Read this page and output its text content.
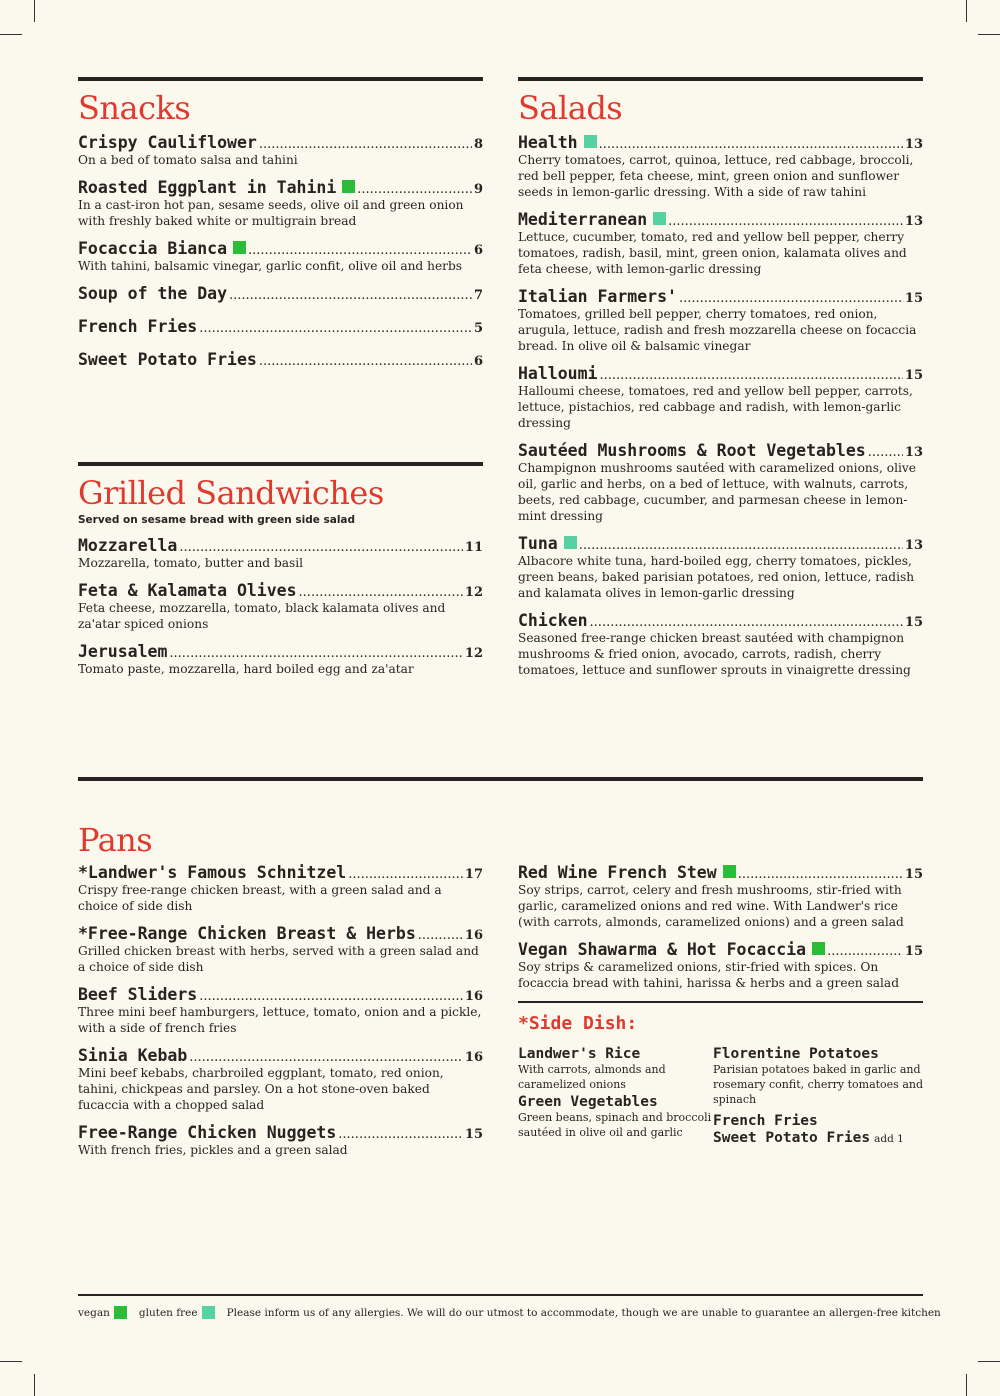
Snacks
Crispy Cauliflower .....	8
On a bed of tomato salsa and tahini
Roasted Eggplant in Tahini .....	9
In a cast-iron hot pan, sesame seeds, olive oil and green onion with freshly baked white or multigrain bread
Focaccia Bianca .....	6
With tahini, balsamic vinegar, garlic confit, olive oil and herbs
Soup of the Day .....	7
French Fries .....	5
Sweet Potato Fries .....	6
Grilled Sandwiches
Served on sesame bread with green side salad
Mozzarella .....	11
Mozzarella, tomato, butter and basil
Feta & Kalamata Olives .....	12
Feta cheese, mozzarella, tomato, black kalamata olives and za'atar spiced onions
Jerusalem .....	12
Tomato paste, mozzarella, hard boiled egg and za'atar
Salads
Health .....	13
Cherry tomatoes, carrot, quinoa, lettuce, red cabbage, broccoli, red bell pepper, feta cheese, mint, green onion and sunflower seeds in lemon-garlic dressing. With a side of raw tahini
Mediterranean .....	13
Lettuce, cucumber, tomato, red and yellow bell pepper, cherry tomatoes, radish, basil, mint, green onion, kalamata olives and feta cheese, with lemon-garlic dressing
Italian Farmers' .....	15
Tomatoes, grilled bell pepper, cherry tomatoes, red onion, arugula, lettuce, radish and fresh mozzarella cheese on focaccia bread. In olive oil & balsamic vinegar
Halloumi .....	15
Halloumi cheese, tomatoes, red and yellow bell pepper, carrots, lettuce, pistachios, red cabbage and radish, with lemon-garlic dressing
Sautéed Mushrooms & Root Vegetables .....	13
Champignon mushrooms sautéed with caramelized onions, olive oil, garlic and herbs, on a bed of lettuce, with walnuts, carrots, beets, red cabbage, cucumber, and parmesan cheese in lemon-mint dressing
Tuna .....	13
Albacore white tuna, hard-boiled egg, cherry tomatoes, pickles, green beans, baked parisian potatoes, red onion, lettuce, radish and kalamata olives in lemon-garlic dressing
Chicken .....	15
Seasoned free-range chicken breast sautéed with champignon mushrooms & fried onion, avocado, carrots, radish, cherry tomatoes, lettuce and sunflower sprouts in vinaigrette dressing
Pans
*Landwer's Famous Schnitzel .....	17
Crispy free-range chicken breast, with a green salad and a choice of side dish
*Free-Range Chicken Breast & Herbs .....	16
Grilled chicken breast with herbs, served with a green salad and a choice of side dish
Beef Sliders .....	16
Three mini beef hamburgers, lettuce, tomato, onion and a pickle, with a side of french fries
Sinia Kebab .....	16
Mini beef kebabs, charbroiled eggplant, tomato, red onion, tahini, chickpeas and parsley. On a hot stone-oven baked fucaccia with a chopped salad
Free-Range Chicken Nuggets .....	15
With french fries, pickles and a green salad
Red Wine French Stew .....	15
Soy strips, carrot, celery and fresh mushrooms, stir-fried with garlic, caramelized onions and red wine. With Landwer's rice (with carrots, almonds, caramelized onions) and a green salad
Vegan Shawarma & Hot Focaccia .....	15
Soy strips & caramelized onions, stir-fried with spices. On focaccia bread with tahini, harissa & herbs and a green salad
*Side Dish:
Landwer's Rice
With carrots, almonds and caramelized onions
Green Vegetables
Green beans, spinach and broccoli sautéed in olive oil and garlic
Florentine Potatoes
Parisian potatoes baked in garlic and rosemary confit, cherry tomatoes and spinach
French Fries
Sweet Potato Fries add 1
vegan	gluten free	Please inform us of any allergies. We will do our utmost to accommodate, though we are unable to guarantee an allergen-free kitchen
